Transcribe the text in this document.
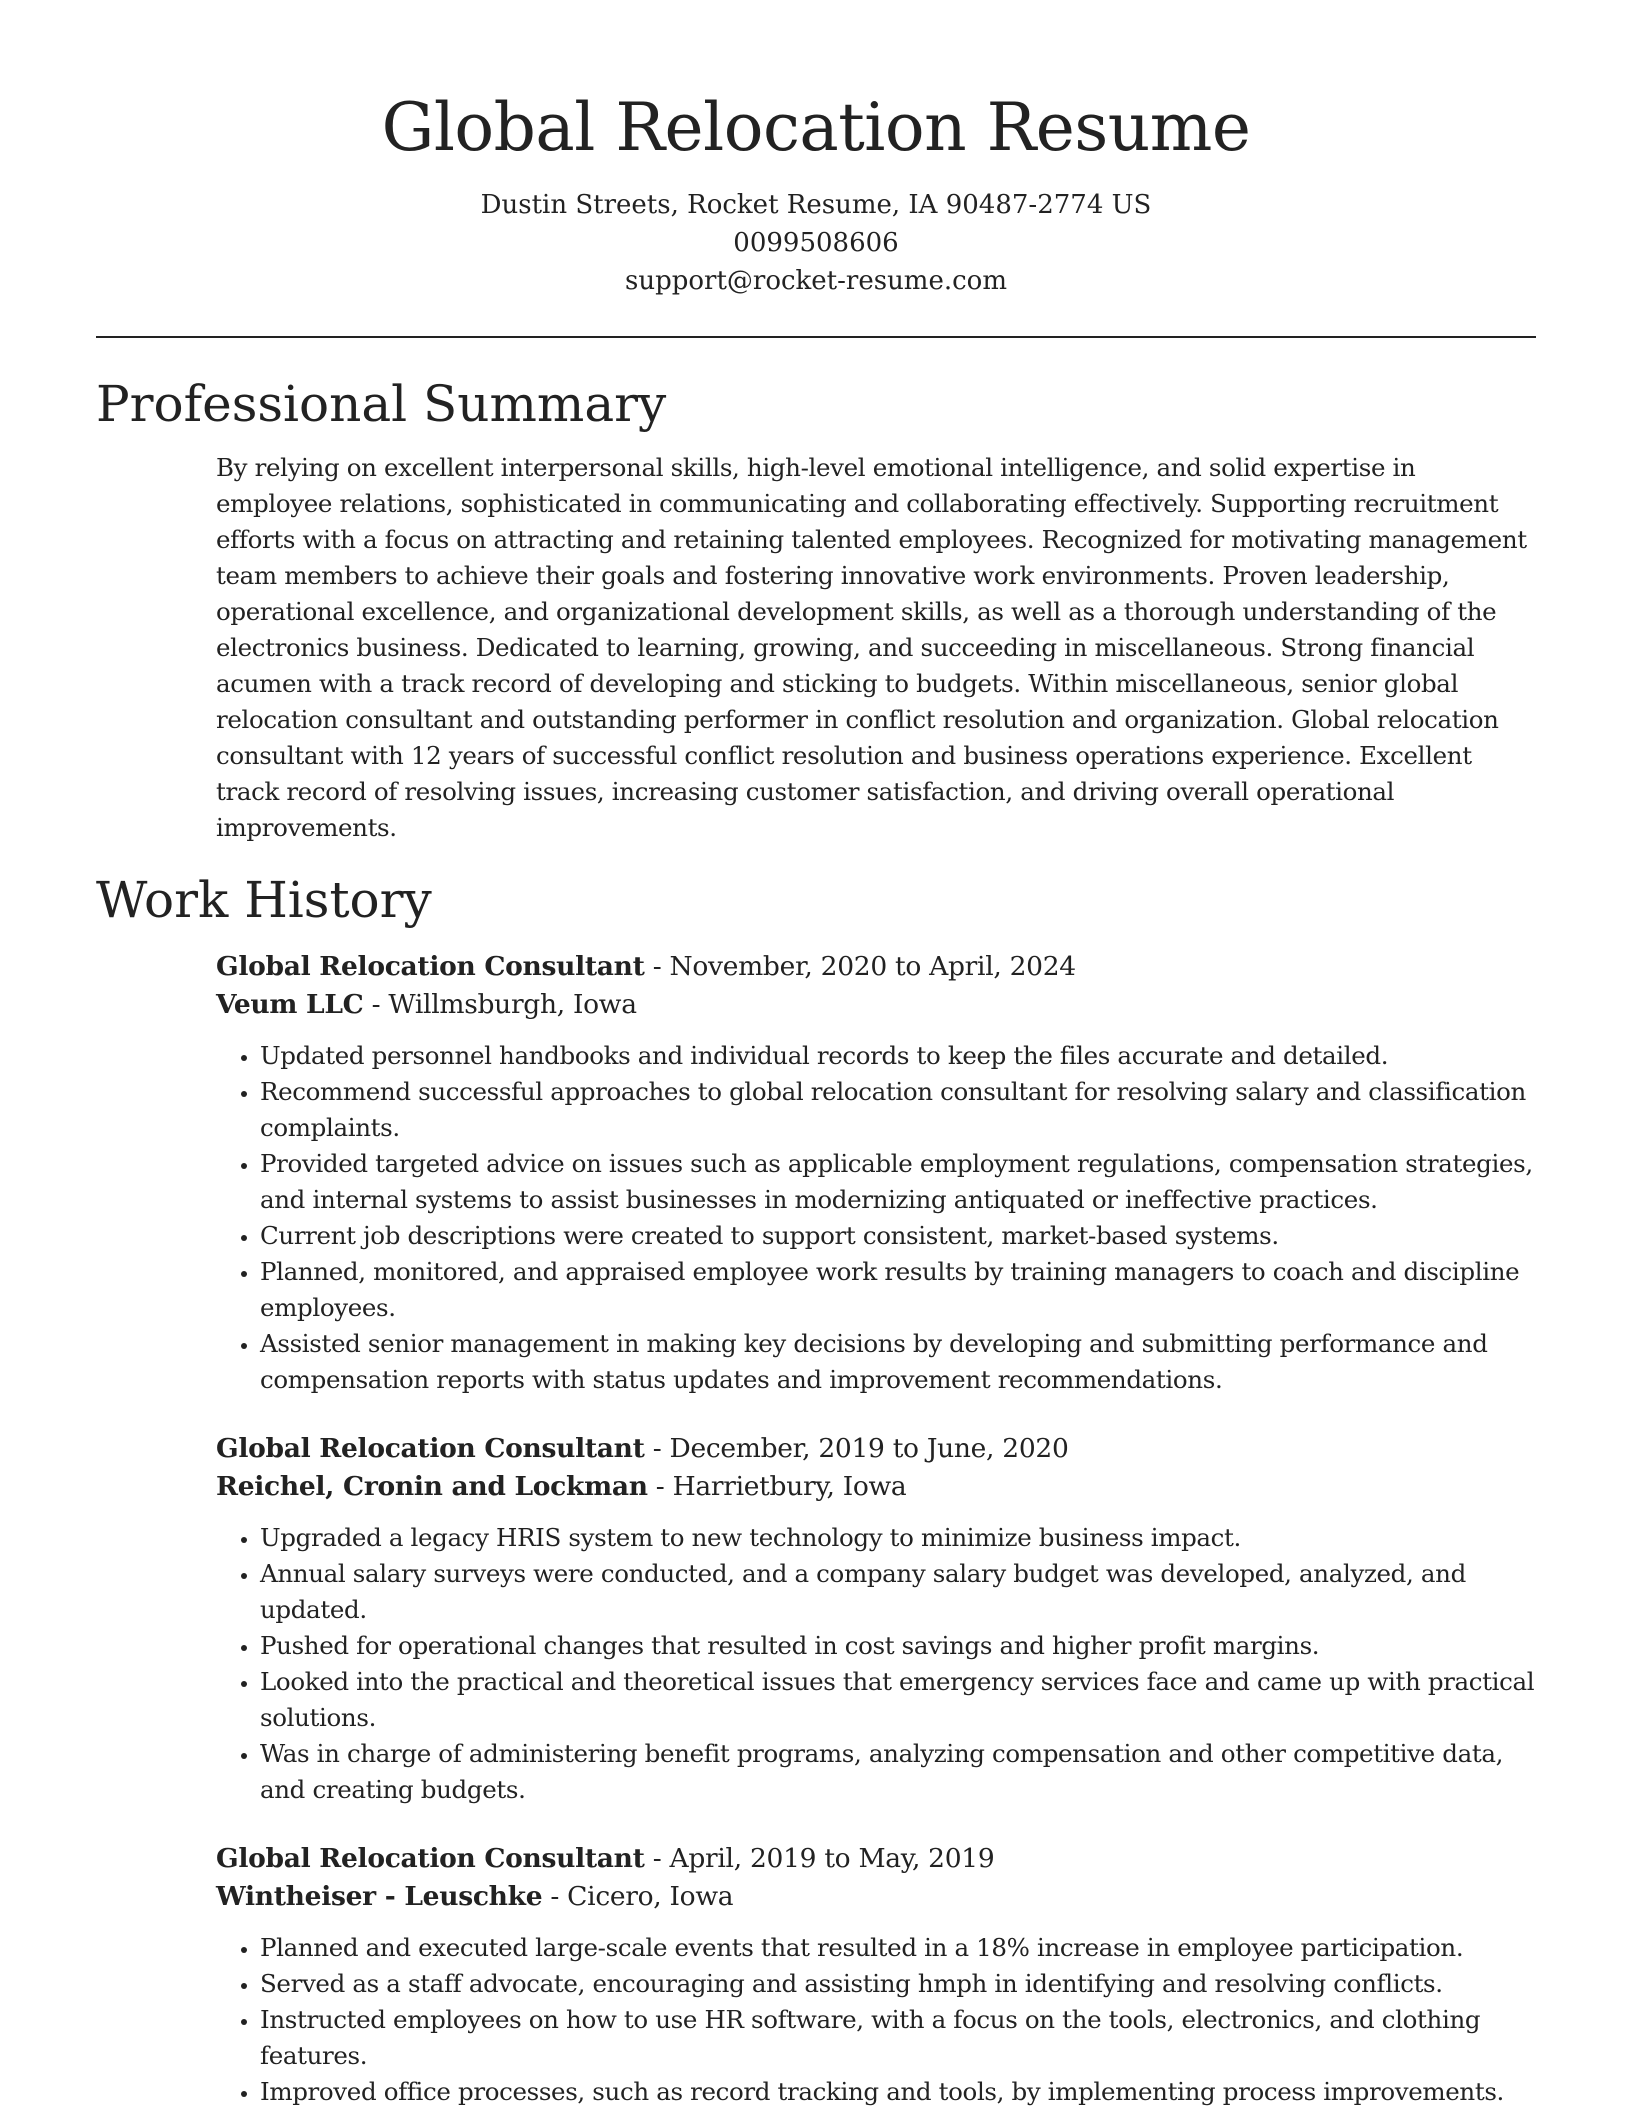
Global Relocation Resume
Dustin Streets, Rocket Resume, IA 90487-2774 US
0099508606
support@rocket-resume.com
Professional Summary

By relying on excellent interpersonal skills, high-level emotional intelligence, and solid expertise in employee relations, sophisticated in communicating and collaborating effectively. Supporting recruitment efforts with a focus on attracting and retaining talented employees. Recognized for motivating management team members to achieve their goals and fostering innovative work environments. Proven leadership, operational excellence, and organizational development skills, as well as a thorough understanding of the electronics business. Dedicated to learning, growing, and succeeding in miscellaneous. Strong financial acumen with a track record of developing and sticking to budgets. Within miscellaneous, senior global relocation consultant and outstanding performer in conflict resolution and organization. Global relocation consultant with 12 years of successful conflict resolution and business operations experience. Excellent track record of resolving issues, increasing customer satisfaction, and driving overall operational improvements.

Work History
Global Relocation Consultant - November, 2020 to April, 2024
Veum LLC - Willmsburgh, Iowa
• Updated personnel handbooks and individual records to keep the files accurate and detailed.
• Recommend successful approaches to global relocation consultant for resolving salary and classification complaints.
• Provided targeted advice on issues such as applicable employment regulations, compensation strategies, and internal systems to assist businesses in modernizing antiquated or ineffective practices.
• Current job descriptions were created to support consistent, market-based systems.
• Planned, monitored, and appraised employee work results by training managers to coach and discipline employees.
• Assisted senior management in making key decisions by developing and submitting performance and compensation reports with status updates and improvement recommendations.
Global Relocation Consultant - December, 2019 to June, 2020
Reichel, Cronin and Lockman - Harrietbury, Iowa
• Upgraded a legacy HRIS system to new technology to minimize business impact.
• Annual salary surveys were conducted, and a company salary budget was developed, analyzed, and updated.
• Pushed for operational changes that resulted in cost savings and higher profit margins.
• Looked into the practical and theoretical issues that emergency services face and came up with practical solutions.
• Was in charge of administering benefit programs, analyzing compensation and other competitive data, and creating budgets.
Global Relocation Consultant - April, 2019 to May, 2019
Wintheiser - Leuschke - Cicero, Iowa
• Planned and executed large-scale events that resulted in a 18% increase in employee participation.
• Served as a staff advocate, encouraging and assisting hmph in identifying and resolving conflicts.
• Instructed employees on how to use HR software, with a focus on the tools, electronics, and clothing features.
• Improved office processes, such as record tracking and tools, by implementing process improvements.
